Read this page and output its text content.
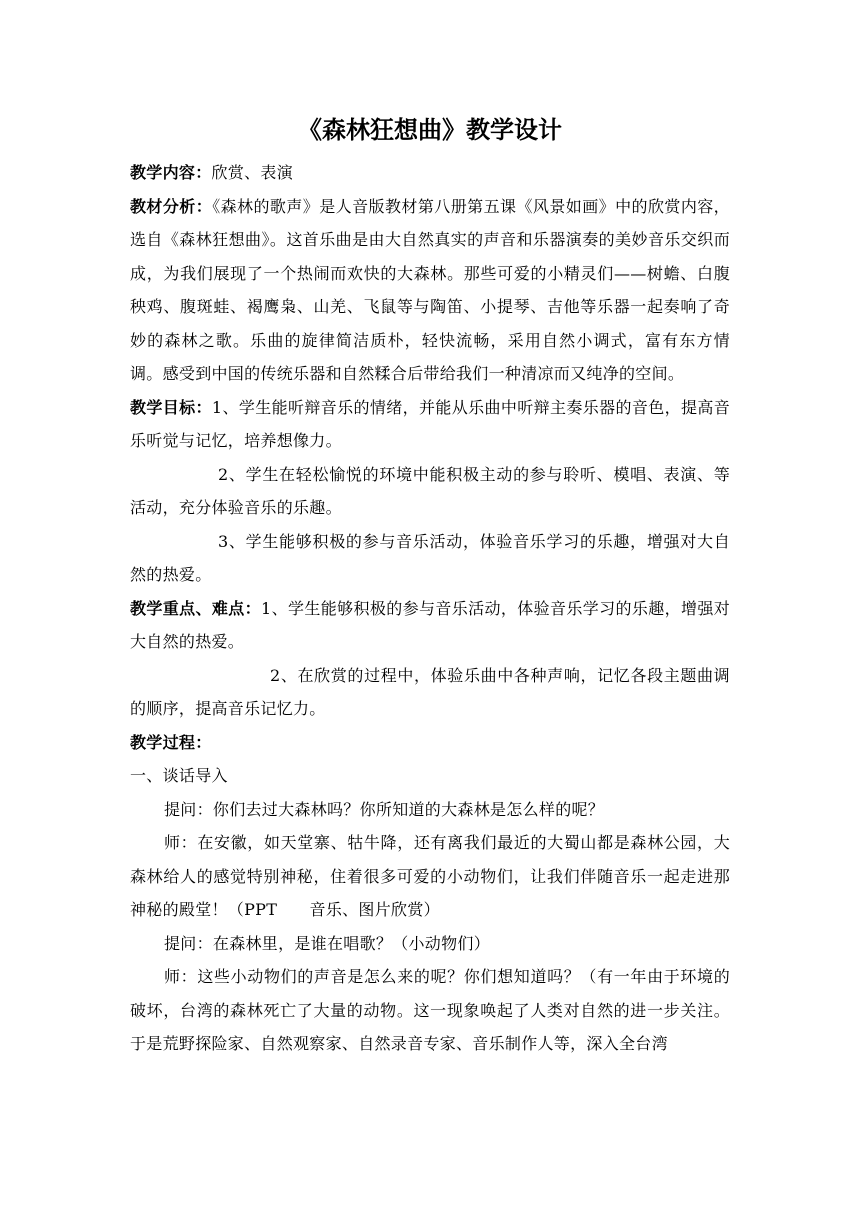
《森林狂想曲》教学设计

教学内容：欣赏、表演

教材分析：《森林的歌声》是人音版教材第八册第五课《风景如画》中的欣赏内容，选自《森林狂想曲》。这首乐曲是由大自然真实的声音和乐器演奏的美妙音乐交织而成，为我们展现了一个热闹而欢快的大森林。那些可爱的小精灵们——树蟾、白腹秧鸡、腹斑蛙、褐鹰枭、山羌、飞鼠等与陶笛、小提琴、吉他等乐器一起奏响了奇妙的森林之歌。乐曲的旋律简洁质朴，轻快流畅，采用自然小调式，富有东方情调。感受到中国的传统乐器和自然糅合后带给我们一种清凉而又纯净的空间。

教学目标：1、学生能听辩音乐的情绪，并能从乐曲中听辩主奏乐器的音色，提高音乐听觉与记忆，培养想像力。

2、学生在轻松愉悦的环境中能积极主动的参与聆听、模唱、表演、等活动，充分体验音乐的乐趣。

3、学生能够积极的参与音乐活动，体验音乐学习的乐趣，增强对大自然的热爱。

教学重点、难点：1、学生能够积极的参与音乐活动，体验音乐学习的乐趣，增强对大自然的热爱。

2、在欣赏的过程中，体验乐曲中各种声响，记忆各段主题曲调的顺序，提高音乐记忆力。

教学过程：

一、谈话导入

提问：你们去过大森林吗？你所知道的大森林是怎么样的呢？

师：在安徽，如天堂寨、牯牛降，还有离我们最近的大蜀山都是森林公园，大森林给人的感觉特别神秘，住着很多可爱的小动物们，让我们伴随音乐一起走进那神秘的殿堂！（PPT      音乐、图片欣赏）

提问：在森林里，是谁在唱歌？（小动物们）

师：这些小动物们的声音是怎么来的呢？你们想知道吗？（有一年由于环境的破坏，台湾的森林死亡了大量的动物。这一现象唤起了人类对自然的进一步关注。于是荒野探险家、自然观察家、自然录音专家、音乐制作人等，深入全台湾
